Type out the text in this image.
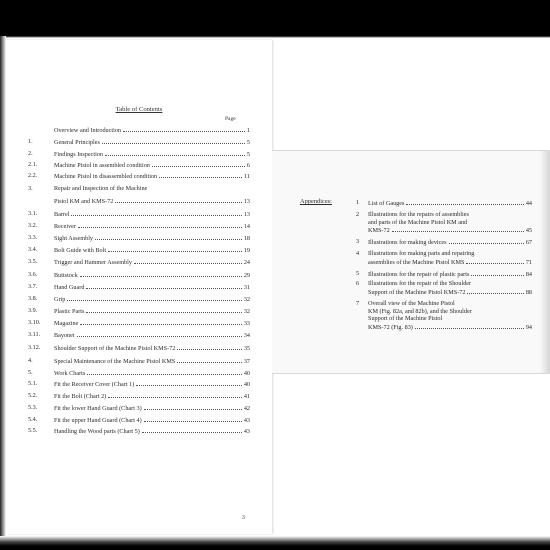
Table of Contents
Page
Overview and Introduction	1
1.	General Principles	5
2.	Findings Inspection	5
2.1.	Machine Pistol in assembled condition	6
2.2.	Machine Pistol in disassembled condition	11
3.	Repair and Inspection of the Machine
Pistol KM and KMS-72	13
3.1.	Barrel	13
3.2.	Receiver	14
3.3.	Sight Assembly	18
3.4.	Bolt Guide with Bolt	19
3.5.	Trigger and Hammer Assembly	24
3.6.	Buttstock	29
3.7.	Hand Guard	31
3.8.	Grip	32
3.9.	Plastic Parts	32
3.10.	Magazine	33
3.11.	Bayonet	34
3.12.	Shoulder Support of the Machine Pistol KMS-72	35
4.	Special Maintenance of the Machine Pistol KMS	37
5.	Work Charts	40
5.1.	Fit the Receiver Cover (Chart 1)	40
5.2.	Fit the Bolt (Chart 2)	41
5.3.	Fit the lower Hand Guard (Chart 3)	42
5.4.	Fit the upper Hand Guard (Chart 4)	43
5.5.	Handling the Wood parts (Chart 5)	43
3
Appendices:	1	List of Gauges	44
2	Illustrations for the repairs of assemblies
and parts of the Machine Pistol KM and
KMS-72	45
3	Illustrations for making devices	67
4	Illustrations for making parts and repairing
assemblies of the Machine Pistol KMS	71
5	Illustrations for the repair of plastic parts	84
6	Illustrations for the repair of the Shoulder
Support of the Machine Pistol KMS-72	88
7	Overall view of the Machine Pistol
KM (Fig. 82a, and 82b), and the Shoulder
Support of the Machine Pistol
KMS-72 (Fig. 83)	94
